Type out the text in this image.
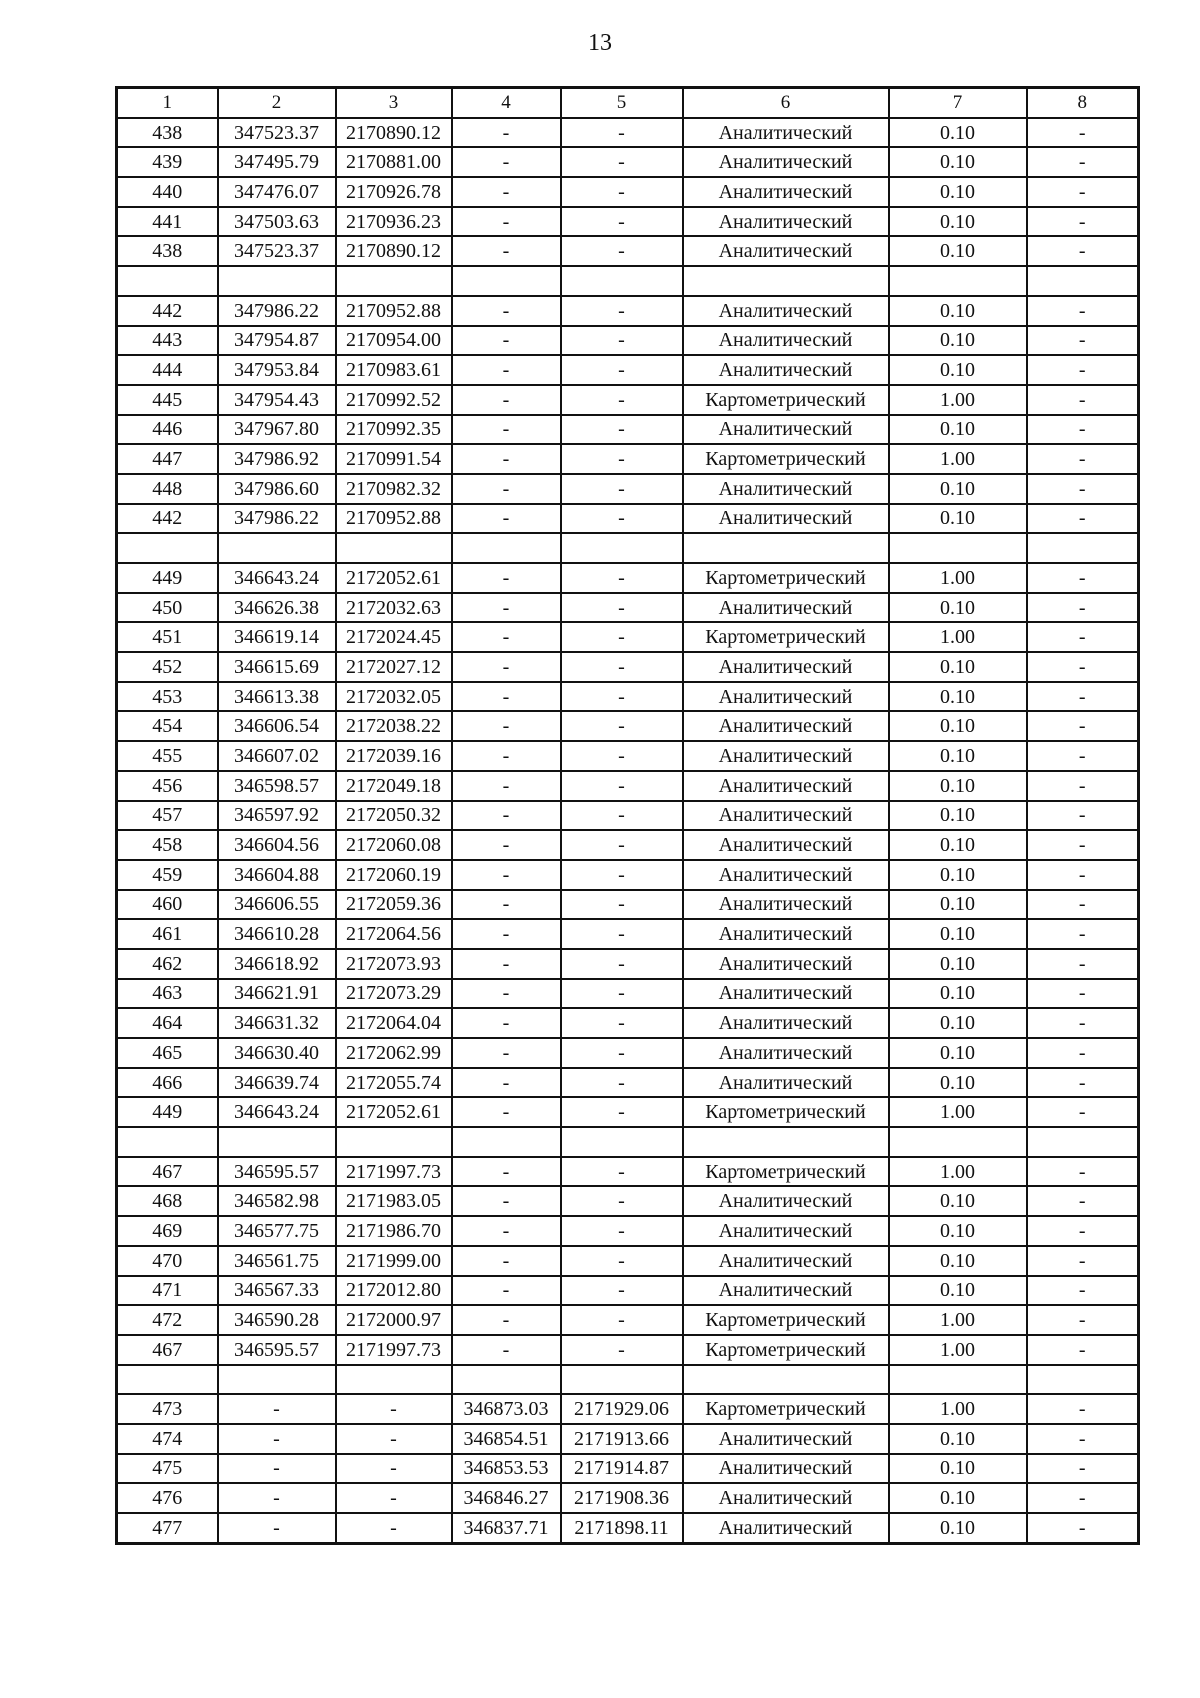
13
1	2	3	4	5	6	7	8
438	347523.37	2170890.12	-	-	Аналитический	0.10	-
439	347495.79	2170881.00	-	-	Аналитический	0.10	-
440	347476.07	2170926.78	-	-	Аналитический	0.10	-
441	347503.63	2170936.23	-	-	Аналитический	0.10	-
438	347523.37	2170890.12	-	-	Аналитический	0.10	-

442	347986.22	2170952.88	-	-	Аналитический	0.10	-
443	347954.87	2170954.00	-	-	Аналитический	0.10	-
444	347953.84	2170983.61	-	-	Аналитический	0.10	-
445	347954.43	2170992.52	-	-	Картометрический	1.00	-
446	347967.80	2170992.35	-	-	Аналитический	0.10	-
447	347986.92	2170991.54	-	-	Картометрический	1.00	-
448	347986.60	2170982.32	-	-	Аналитический	0.10	-
442	347986.22	2170952.88	-	-	Аналитический	0.10	-

449	346643.24	2172052.61	-	-	Картометрический	1.00	-
450	346626.38	2172032.63	-	-	Аналитический	0.10	-
451	346619.14	2172024.45	-	-	Картометрический	1.00	-
452	346615.69	2172027.12	-	-	Аналитический	0.10	-
453	346613.38	2172032.05	-	-	Аналитический	0.10	-
454	346606.54	2172038.22	-	-	Аналитический	0.10	-
455	346607.02	2172039.16	-	-	Аналитический	0.10	-
456	346598.57	2172049.18	-	-	Аналитический	0.10	-
457	346597.92	2172050.32	-	-	Аналитический	0.10	-
458	346604.56	2172060.08	-	-	Аналитический	0.10	-
459	346604.88	2172060.19	-	-	Аналитический	0.10	-
460	346606.55	2172059.36	-	-	Аналитический	0.10	-
461	346610.28	2172064.56	-	-	Аналитический	0.10	-
462	346618.92	2172073.93	-	-	Аналитический	0.10	-
463	346621.91	2172073.29	-	-	Аналитический	0.10	-
464	346631.32	2172064.04	-	-	Аналитический	0.10	-
465	346630.40	2172062.99	-	-	Аналитический	0.10	-
466	346639.74	2172055.74	-	-	Аналитический	0.10	-
449	346643.24	2172052.61	-	-	Картометрический	1.00	-

467	346595.57	2171997.73	-	-	Картометрический	1.00	-
468	346582.98	2171983.05	-	-	Аналитический	0.10	-
469	346577.75	2171986.70	-	-	Аналитический	0.10	-
470	346561.75	2171999.00	-	-	Аналитический	0.10	-
471	346567.33	2172012.80	-	-	Аналитический	0.10	-
472	346590.28	2172000.97	-	-	Картометрический	1.00	-
467	346595.57	2171997.73	-	-	Картометрический	1.00	-

473	-	-	346873.03	2171929.06	Картометрический	1.00	-
474	-	-	346854.51	2171913.66	Аналитический	0.10	-
475	-	-	346853.53	2171914.87	Аналитический	0.10	-
476	-	-	346846.27	2171908.36	Аналитический	0.10	-
477	-	-	346837.71	2171898.11	Аналитический	0.10	-
